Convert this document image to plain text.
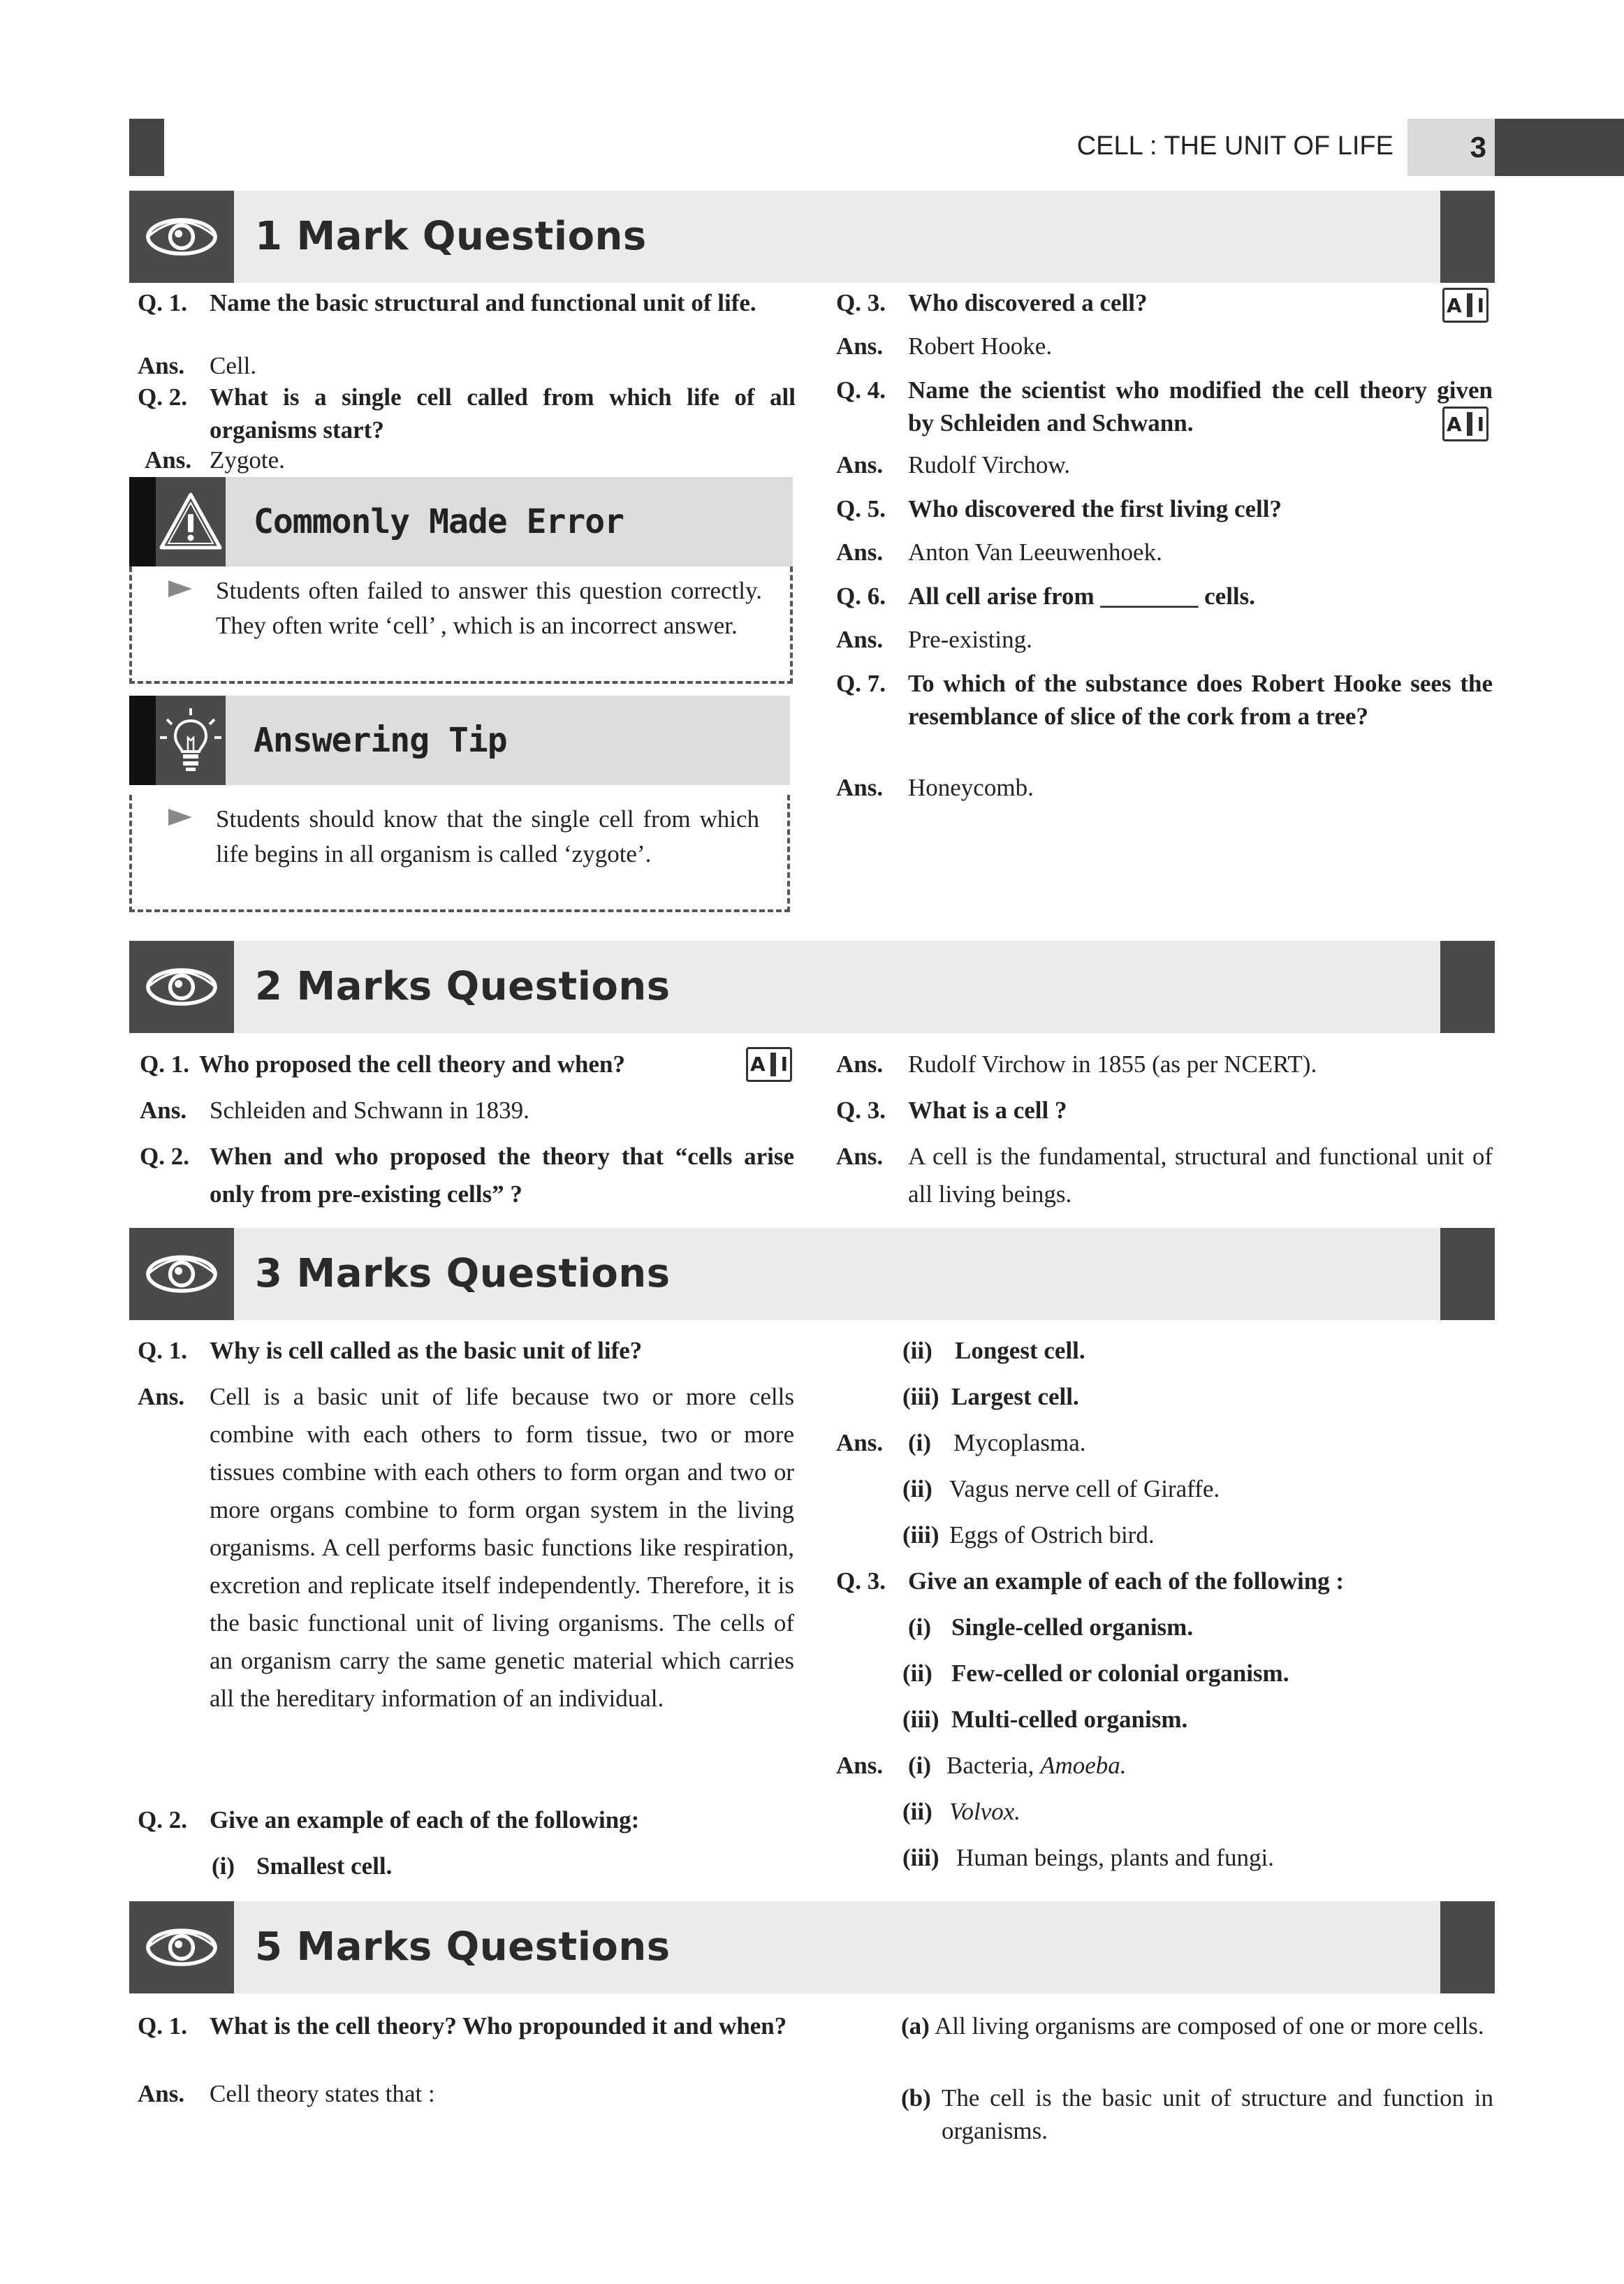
CELL : THE UNIT OF LIFE	3
1 Mark Questions
Q. 1. Name the basic structural and functional unit of life.
Ans. Cell.
Q. 2. What is a single cell called from which life of all organisms start?
Ans. Zygote.
Commonly Made Error
Students often failed to answer this question correctly. They often write ‘cell’ , which is an incorrect answer.
Answering Tip
Students should know that the single cell from which life begins in all organism is called ‘zygote’.
Q. 3. Who discovered a cell?	A I
Ans. Robert Hooke.
Q. 4. Name the scientist who modified the cell theory given by Schleiden and Schwann.	A I
Ans. Rudolf Virchow.
Q. 5. Who discovered the first living cell?
Ans. Anton Van Leeuwenhoek.
Q. 6. All cell arise from ________ cells.
Ans. Pre-existing.
Q. 7. To which of the substance does Robert Hooke sees the resemblance of slice of the cork from a tree?
Ans. Honeycomb.
2 Marks Questions
Q. 1. Who proposed the cell theory and when?	A I
Ans. Schleiden and Schwann in 1839.
Q. 2. When and who proposed the theory that “cells arise only from pre-existing cells” ?
Ans. Rudolf Virchow in 1855 (as per NCERT).
Q. 3. What is a cell ?
Ans. A cell is the fundamental, structural and functional unit of all living beings.
3 Marks Questions
Q. 1. Why is cell called as the basic unit of life?
Ans. Cell is a basic unit of life because two or more cells combine with each others to form tissue, two or more tissues combine with each others to form organ and two or more organs combine to form organ system in the living organisms. A cell performs basic functions like respiration, excretion and replicate itself independently. Therefore, it is the basic functional unit of living organisms. The cells of an organism carry the same genetic material which carries all the hereditary information of an individual.
Q. 2. Give an example of each of the following:
(i) Smallest cell.
(ii) Longest cell.
(iii) Largest cell.
Ans. (i) Mycoplasma.
(ii) Vagus nerve cell of Giraffe.
(iii) Eggs of Ostrich bird.
Q. 3. Give an example of each of the following :
(i) Single-celled organism.
(ii) Few-celled or colonial organism.
(iii) Multi-celled organism.
Ans. (i) Bacteria, Amoeba.
(ii) Volvox.
(iii) Human beings, plants and fungi.
5 Marks Questions
Q. 1. What is the cell theory? Who propounded it and when?
Ans. Cell theory states that :
(a) All living organisms are composed of one or more cells.
(b) The cell is the basic unit of structure and function in organisms.
